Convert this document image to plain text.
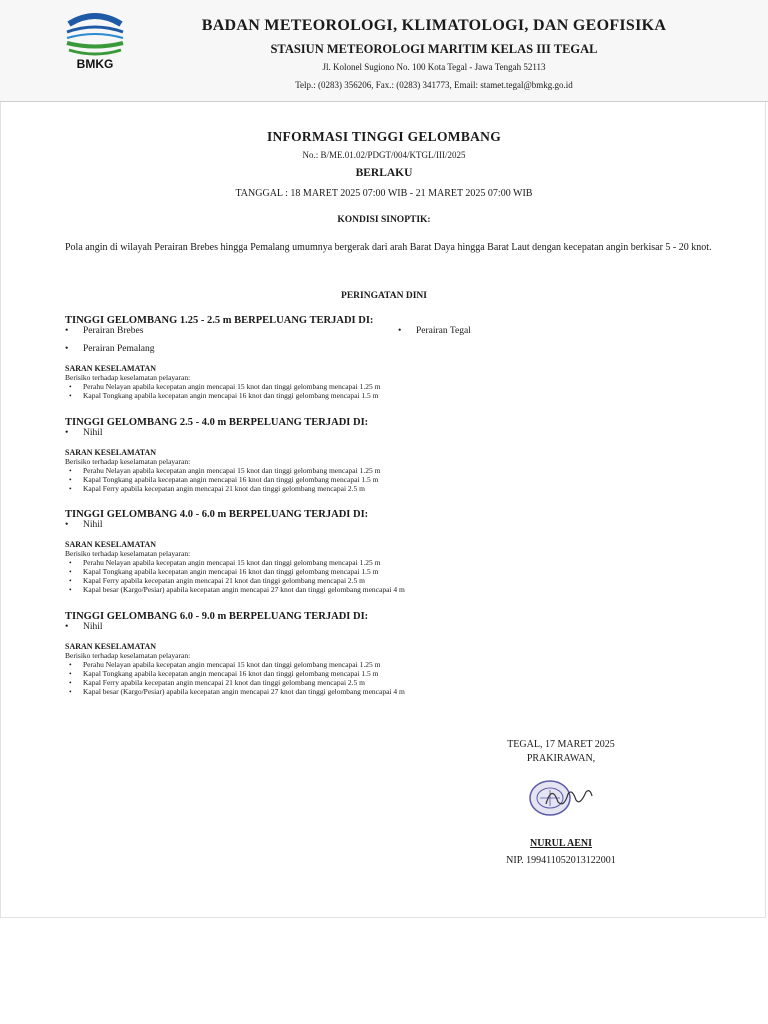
BMKG
BADAN METEOROLOGI, KLIMATOLOGI, DAN GEOFISIKA
STASIUN METEOROLOGI MARITIM KELAS III TEGAL
Jl. Kolonel Sugiono No. 100 Kota Tegal - Jawa Tengah 52113
Telp.: (0283) 356206, Fax.: (0283) 341773, Email: stamet.tegal@bmkg.go.id
INFORMASI TINGGI GELOMBANG
No.: B/ME.01.02/PDGT/004/KTGL/III/2025
BERLAKU
TANGGAL : 18 MARET 2025 07:00 WIB - 21 MARET 2025 07:00 WIB
KONDISI SINOPTIK:
Pola angin di wilayah Perairan Brebes hingga Pemalang umumnya bergerak dari arah Barat Daya hingga Barat Laut dengan kecepatan angin berkisar 5 - 20 knot.
PERINGATAN DINI
TINGGI GELOMBANG 1.25 - 2.5 m BERPELUANG TERJADI DI:
• Perairan Brebes	• Perairan Tegal
• Perairan Pemalang
SARAN KESELAMATAN
Berisiko terhadap keselamatan pelayaran:
• Perahu Nelayan apabila kecepatan angin mencapai 15 knot dan tinggi gelombang mencapai 1.25 m
• Kapal Tongkang apabila kecepatan angin mencapai 16 knot dan tinggi gelombang mencapai 1.5 m
TINGGI GELOMBANG 2.5 - 4.0 m BERPELUANG TERJADI DI:
• Nihil
SARAN KESELAMATAN
Berisiko terhadap keselamatan pelayaran:
• Perahu Nelayan apabila kecepatan angin mencapai 15 knot dan tinggi gelombang mencapai 1.25 m
• Kapal Tongkang apabila kecepatan angin mencapai 16 knot dan tinggi gelombang mencapai 1.5 m
• Kapal Ferry apabila kecepatan angin mencapai 21 knot dan tinggi gelombang mencapai 2.5 m
TINGGI GELOMBANG 4.0 - 6.0 m BERPELUANG TERJADI DI:
• Nihil
SARAN KESELAMATAN
Berisiko terhadap keselamatan pelayaran:
• Perahu Nelayan apabila kecepatan angin mencapai 15 knot dan tinggi gelombang mencapai 1.25 m
• Kapal Tongkang apabila kecepatan angin mencapai 16 knot dan tinggi gelombang mencapai 1.5 m
• Kapal Ferry apabila kecepatan angin mencapai 21 knot dan tinggi gelombang mencapai 2.5 m
• Kapal besar (Kargo/Pesiar) apabila kecepatan angin mencapai 27 knot dan tinggi gelombang mencapai 4 m
TINGGI GELOMBANG 6.0 - 9.0 m BERPELUANG TERJADI DI:
• Nihil
SARAN KESELAMATAN
Berisiko terhadap keselamatan pelayaran:
• Perahu Nelayan apabila kecepatan angin mencapai 15 knot dan tinggi gelombang mencapai 1.25 m
• Kapal Tongkang apabila kecepatan angin mencapai 16 knot dan tinggi gelombang mencapai 1.5 m
• Kapal Ferry apabila kecepatan angin mencapai 21 knot dan tinggi gelombang mencapai 2.5 m
• Kapal besar (Kargo/Pesiar) apabila kecepatan angin mencapai 27 knot dan tinggi gelombang mencapai 4 m
TEGAL, 17 MARET 2025
PRAKIRAWAN,
NURUL AENI
NIP. 199411052013122001
